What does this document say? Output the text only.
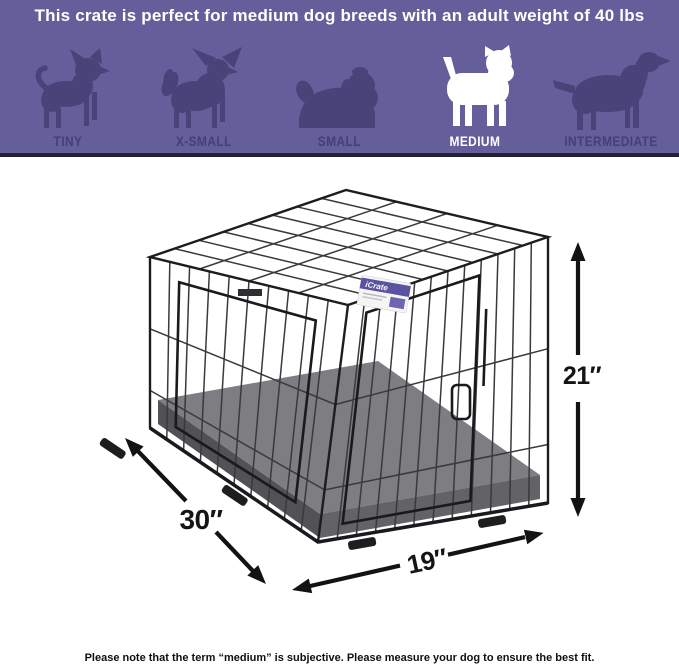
This crate is perfect for medium dog breeds with an adult weight of 40 lbs
TINY	X-SMALL	SMALL	MEDIUM	INTERMEDIATE
iCrate
21″
30″
19″
Please note that the term “medium” is subjective. Please measure your dog to ensure the best fit.
